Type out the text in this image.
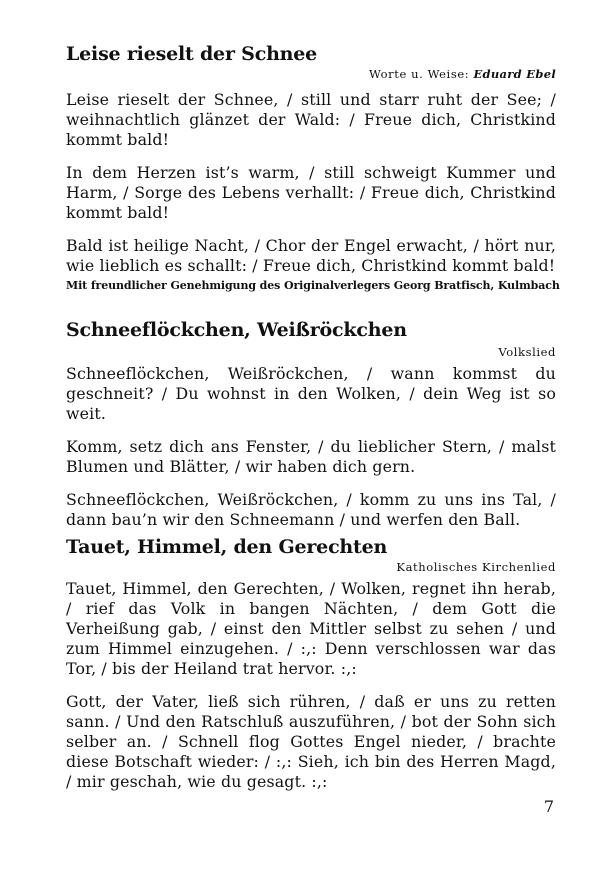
Leise rieselt der Schnee

Worte u. Weise: Eduard Ebel

Leise rieselt der Schnee, / still und starr ruht der See; / weihnachtlich glänzet der Wald: / Freue dich, Christkind kommt bald!

In dem Herzen ist’s warm, / still schweigt Kummer und Harm, / Sorge des Lebens verhallt: / Freue dich, Christkind kommt bald!

Bald ist heilige Nacht, / Chor der Engel erwacht, / hört nur, wie lieblich es schallt: / Freue dich, Christkind kommt bald!

Mit freundlicher Genehmigung des Originalverlegers Georg Bratfisch, Kulmbach

Schneeflöckchen, Weißröckchen

Volkslied

Schneeflöckchen, Weißröckchen, / wann kommst du geschneit? / Du wohnst in den Wolken, / dein Weg ist so weit.

Komm, setz dich ans Fenster, / du lieblicher Stern, / malst Blumen und Blätter, / wir haben dich gern.

Schneeflöckchen, Weißröckchen, / komm zu uns ins Tal, / dann bau’n wir den Schneemann / und werfen den Ball.

Tauet, Himmel, den Gerechten

Katholisches Kirchenlied

Tauet, Himmel, den Gerechten, / Wolken, regnet ihn herab, / rief das Volk in bangen Nächten, / dem Gott die Verheißung gab, / einst den Mittler selbst zu sehen / und zum Himmel einzugehen. / :,: Denn verschlossen war das Tor, / bis der Heiland trat hervor. :,:

Gott, der Vater, ließ sich rühren, / daß er uns zu retten sann. / Und den Ratschluß auszuführen, / bot der Sohn sich selber an. / Schnell flog Gottes Engel nieder, / brachte diese Botschaft wieder: / :,: Sieh, ich bin des Herren Magd, / mir geschah, wie du gesagt. :,:

7
